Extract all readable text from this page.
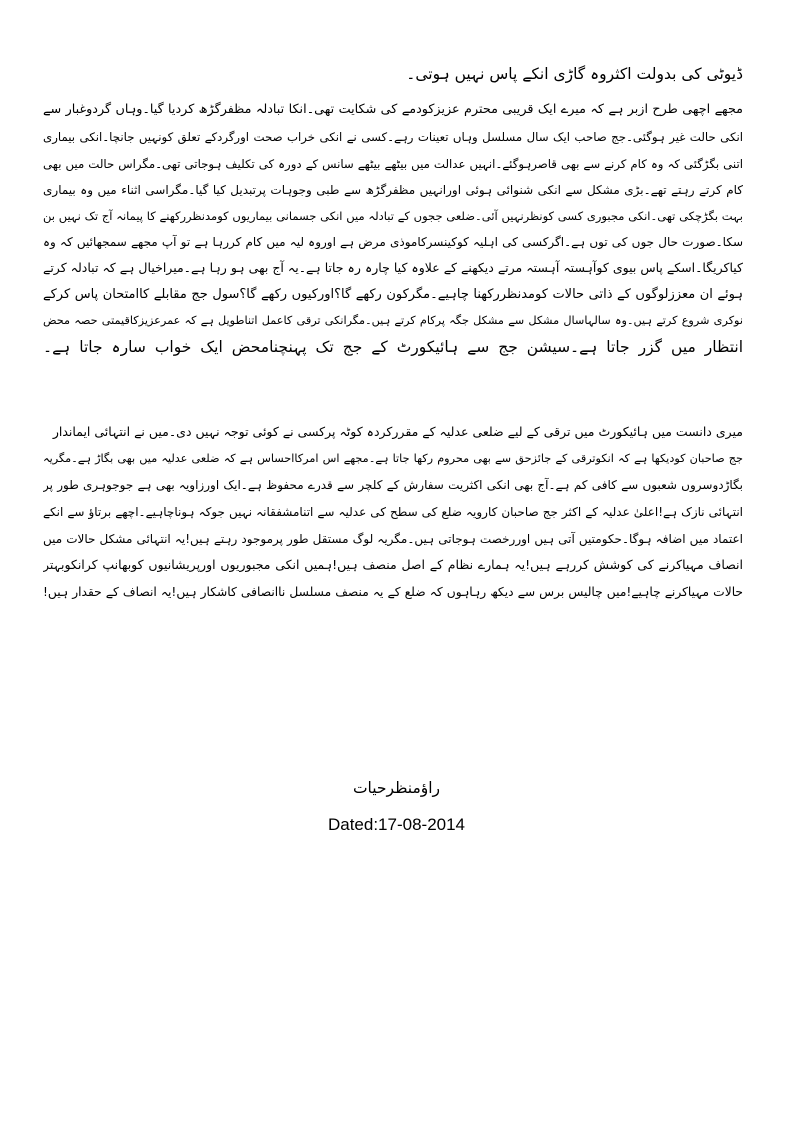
ڈیوٹی کی بدولت اکثروہ گاڑی انکے پاس نہیں ہوتی۔
مجھے اچھی طرح ازبر ہے کہ میرے ایک قریبی محترم عزیزکودمے کی شکایت تھی۔انکا تبادلہ مظفرگڑھ کردیا گیا۔وہاں گردوغبار سے
انکی حالت غیر ہوگئی۔جج صاحب ایک سال مسلسل وہاں تعینات رہے۔کسی نے انکی خراب صحت اورگردکے تعلق کونہیں جانچا۔انکی بیماری
اتنی بگڑگئی کہ وہ کام کرنے سے بھی قاصرہوگئے۔انہیں عدالت میں بیٹھے بیٹھے سانس کے دورہ کی تکلیف ہوجاتی تھی۔مگراس حالت میں بھی
کام کرتے رہتے تھے۔بڑی مشکل سے انکی شنوائی ہوئی اورانہیں مظفرگڑھ سے طبی وجوہات پرتبدیل کیا گیا۔مگراسی اثناء میں وہ بیماری
بہت بگڑچکی تھی۔انکی مجبوری کسی کونظرنہیں آئی۔ضلعی ججوں کے تبادلہ میں انکی جسمانی بیماریوں کومدنظررکھنے کا پیمانہ آج تک نہیں بن
سکا۔صورت حال جوں کی توں ہے۔اگرکسی کی اہلیہ کوکینسرکاموذی مرض ہے اوروہ لیہ میں کام کررہا ہے تو آپ مجھے سمجھائیں کہ وہ
کیاکریگا۔اسکے پاس بیوی کوآہستہ آہستہ مرتے دیکھنے کے علاوہ کیا چارہ رہ جاتا ہے۔یہ آج بھی ہو رہا ہے۔میراخیال ہے کہ تبادلہ کرتے
ہوئے ان معززلوگوں کے ذاتی حالات کومدنظررکھنا چاہیے۔مگرکون رکھے گا؟اورکیوں رکھے گا؟سول جج مقابلے کاامتحان پاس کرکے
نوکری شروع کرتے ہیں۔وہ سالہاسال مشکل سے مشکل جگہ پرکام کرتے ہیں۔مگرانکی ترقی کاعمل اتناطویل ہے کہ عمرعزیزکاقیمتی حصہ محض
انتظار میں گزر جاتا ہے۔سیشن جج سے ہائیکورٹ کے جج تک پہنچنامحض ایک خواب سارہ جاتا ہے۔
میری دانست میں ہائیکورٹ میں ترقی کے لیے ضلعی عدلیہ کے مقررکردہ کوٹہ پرکسی نے کوئی توجہ نہیں دی۔میں نے انتہائی ایماندار
جج صاحبان کودیکھا ہے کہ انکوترقی کے جائزحق سے بھی محروم رکھا جاتا ہے۔مجھے اس امرکااحساس ہے کہ ضلعی عدلیہ میں بھی بگاڑ ہے۔مگریہ
بگاڑدوسروں شعبوں سے کافی کم ہے۔آج بھی انکی اکثریت سفارش کے کلچر سے قدرے محفوظ ہے۔ایک اورزاویہ بھی ہے جوجوہری طور پر
انتہائی نازک ہے!اعلیٰ عدلیہ کے اکثر جج صاحبان کارویہ ضلع کی سطح کی عدلیہ سے اتنامشفقانہ نہیں جوکہ ہوناچاہیے۔اچھے برتاؤ سے انکے
اعتماد میں اضافہ ہوگا۔حکومتیں آتی ہیں اوررخصت ہوجاتی ہیں۔مگریہ لوگ مستقل طور پرموجود رہتے ہیں!یہ انتہائی مشکل حالات میں
انصاف مہیاکرنے کی کوشش کررہے ہیں!یہ ہمارے نظام کے اصل منصف ہیں!ہمیں انکی مجبوریوں اورپریشانیوں کوبھانپ کرانکوبہتر
حالات مہیاکرنے چاہیے!میں چالیس برس سے دیکھ رہاہوں کہ ضلع کے یہ منصف مسلسل ناانصافی کاشکار ہیں!یہ انصاف کے حقدار ہیں!
راؤمنظرحیات
Dated:17-08-2014
